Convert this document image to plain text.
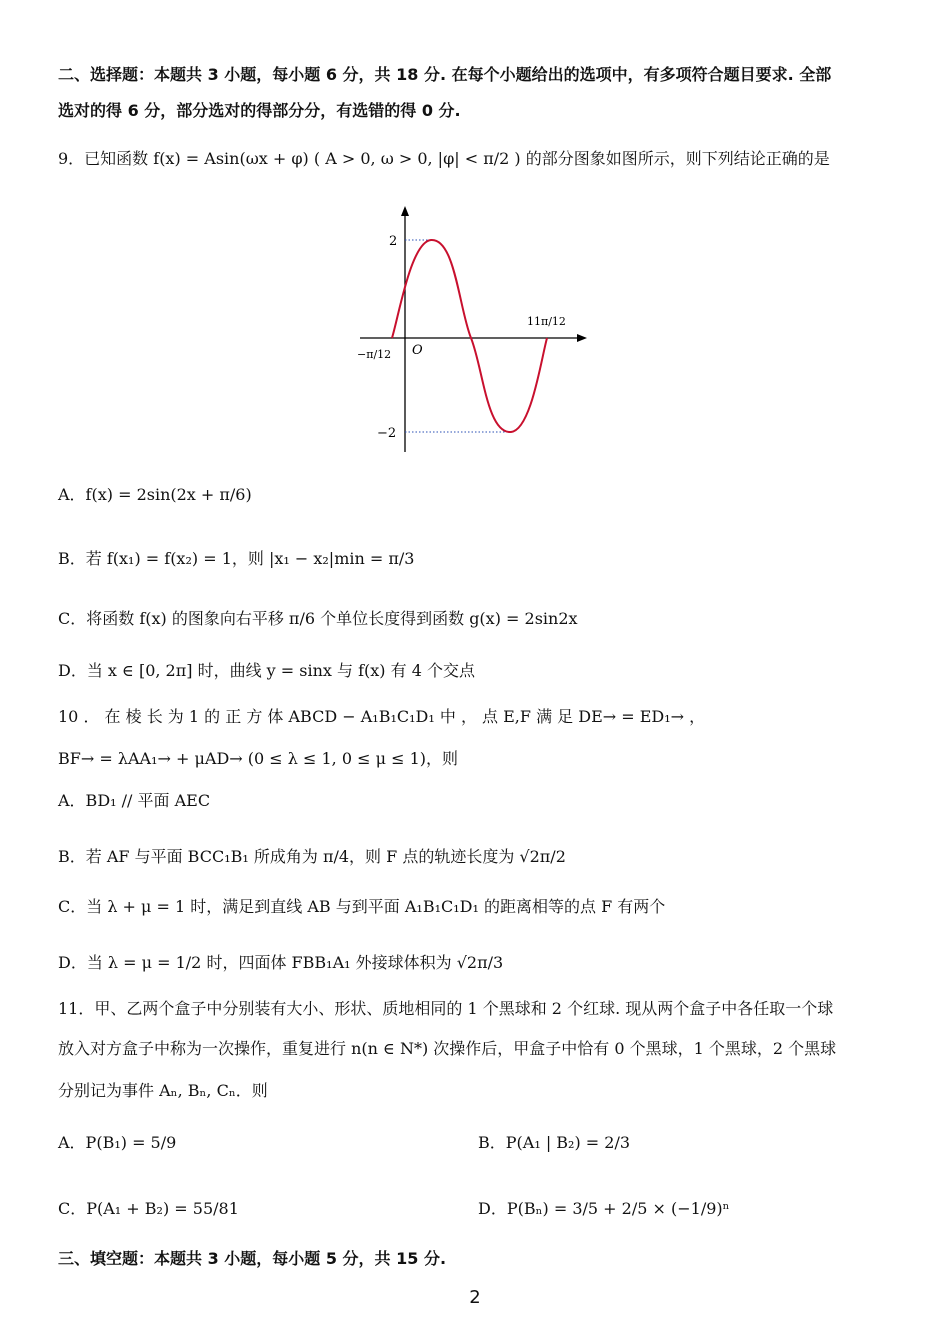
二、选择题：本题共 3 小题，每小题 6 分，共 18 分. 在每个小题给出的选项中，有多项符合题目要求. 全部
选对的得 6 分，部分选对的得部分分，有选错的得 0 分.
9．已知函数 f(x) = Asin(ωx + φ) ( A > 0, ω > 0, |φ| < π/2 ) 的部分图象如图所示，则下列结论正确的是
2
−2
O
−π/12
11π/12
A．f(x) = 2sin(2x + π/6)
B．若 f(x₁) = f(x₂) = 1，则 |x₁ − x₂|min = π/3
C．将函数 f(x) 的图象向右平移 π/6 个单位长度得到函数 g(x) = 2sin2x
D．当 x ∈ [0, 2π] 时，曲线 y = sinx 与 f(x) 有 4 个交点
10 ． 在 棱 长 为 1 的 正 方 体 ABCD − A₁B₁C₁D₁ 中 ， 点 E,F 满 足 DE→ = ED₁→ ，
BF→ = λAA₁→ + μAD→ (0 ≤ λ ≤ 1, 0 ≤ μ ≤ 1)，则
A．BD₁ // 平面 AEC
B．若 AF 与平面 BCC₁B₁ 所成角为 π/4，则 F 点的轨迹长度为 √2π/2
C．当 λ + μ = 1 时，满足到直线 AB 与到平面 A₁B₁C₁D₁ 的距离相等的点 F 有两个
D．当 λ = μ = 1/2 时，四面体 FBB₁A₁ 外接球体积为 √2π/3
11．甲、乙两个盒子中分别装有大小、形状、质地相同的 1 个黑球和 2 个红球. 现从两个盒子中各任取一个球
放入对方盒子中称为一次操作，重复进行 n(n ∈ N*) 次操作后，甲盒子中恰有 0 个黑球，1 个黑球，2 个黑球
分别记为事件 Aₙ, Bₙ, Cₙ．则
A．P(B₁) = 5/9	B．P(A₁ | B₂) = 2/3
C．P(A₁ + B₂) = 55/81	D．P(Bₙ) = 3/5 + 2/5 × (−1/9)ⁿ
三、填空题：本题共 3 小题，每小题 5 分，共 15 分.
2
